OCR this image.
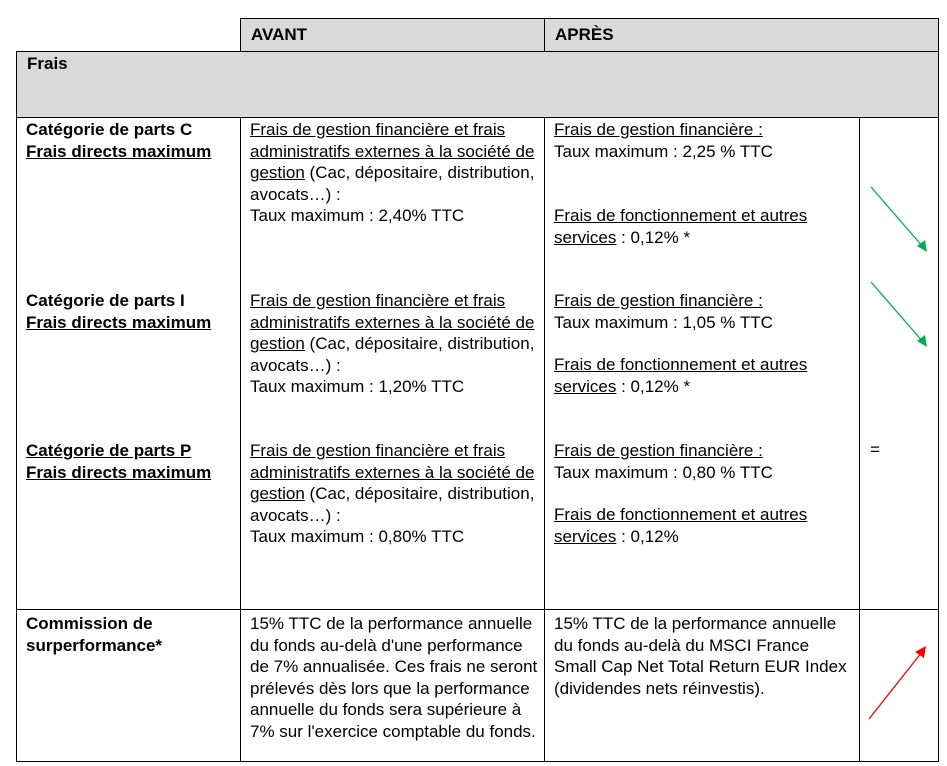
AVANT	APRÈS
Frais
Catégorie de parts C
Frais directs maximum
Frais de gestion financière et frais administratifs externes à la société de gestion (Cac, dépositaire, distribution, avocats…) :
Taux maximum : 2,40% TTC
Frais de gestion financière :
Taux maximum : 2,25 % TTC
Frais de fonctionnement et autres services : 0,12% *
Catégorie de parts I
Frais directs maximum
Frais de gestion financière et frais administratifs externes à la société de gestion (Cac, dépositaire, distribution, avocats…) :
Taux maximum : 1,20% TTC
Frais de gestion financière :
Taux maximum : 1,05 % TTC
Frais de fonctionnement et autres services : 0,12% *
Catégorie de parts P
Frais directs maximum
Frais de gestion financière et frais administratifs externes à la société de gestion (Cac, dépositaire, distribution, avocats…) :
Taux maximum : 0,80% TTC
Frais de gestion financière :
Taux maximum : 0,80 % TTC
Frais de fonctionnement et autres services : 0,12%
=
Commission de surperformance*
15% TTC de la performance annuelle du fonds au-delà d'une performance de 7% annualisée. Ces frais ne seront prélevés dès lors que la performance annuelle du fonds sera supérieure à 7% sur l'exercice comptable du fonds.
15% TTC de la performance annuelle du fonds au-delà du MSCI France Small Cap Net Total Return EUR Index (dividendes nets réinvestis).
